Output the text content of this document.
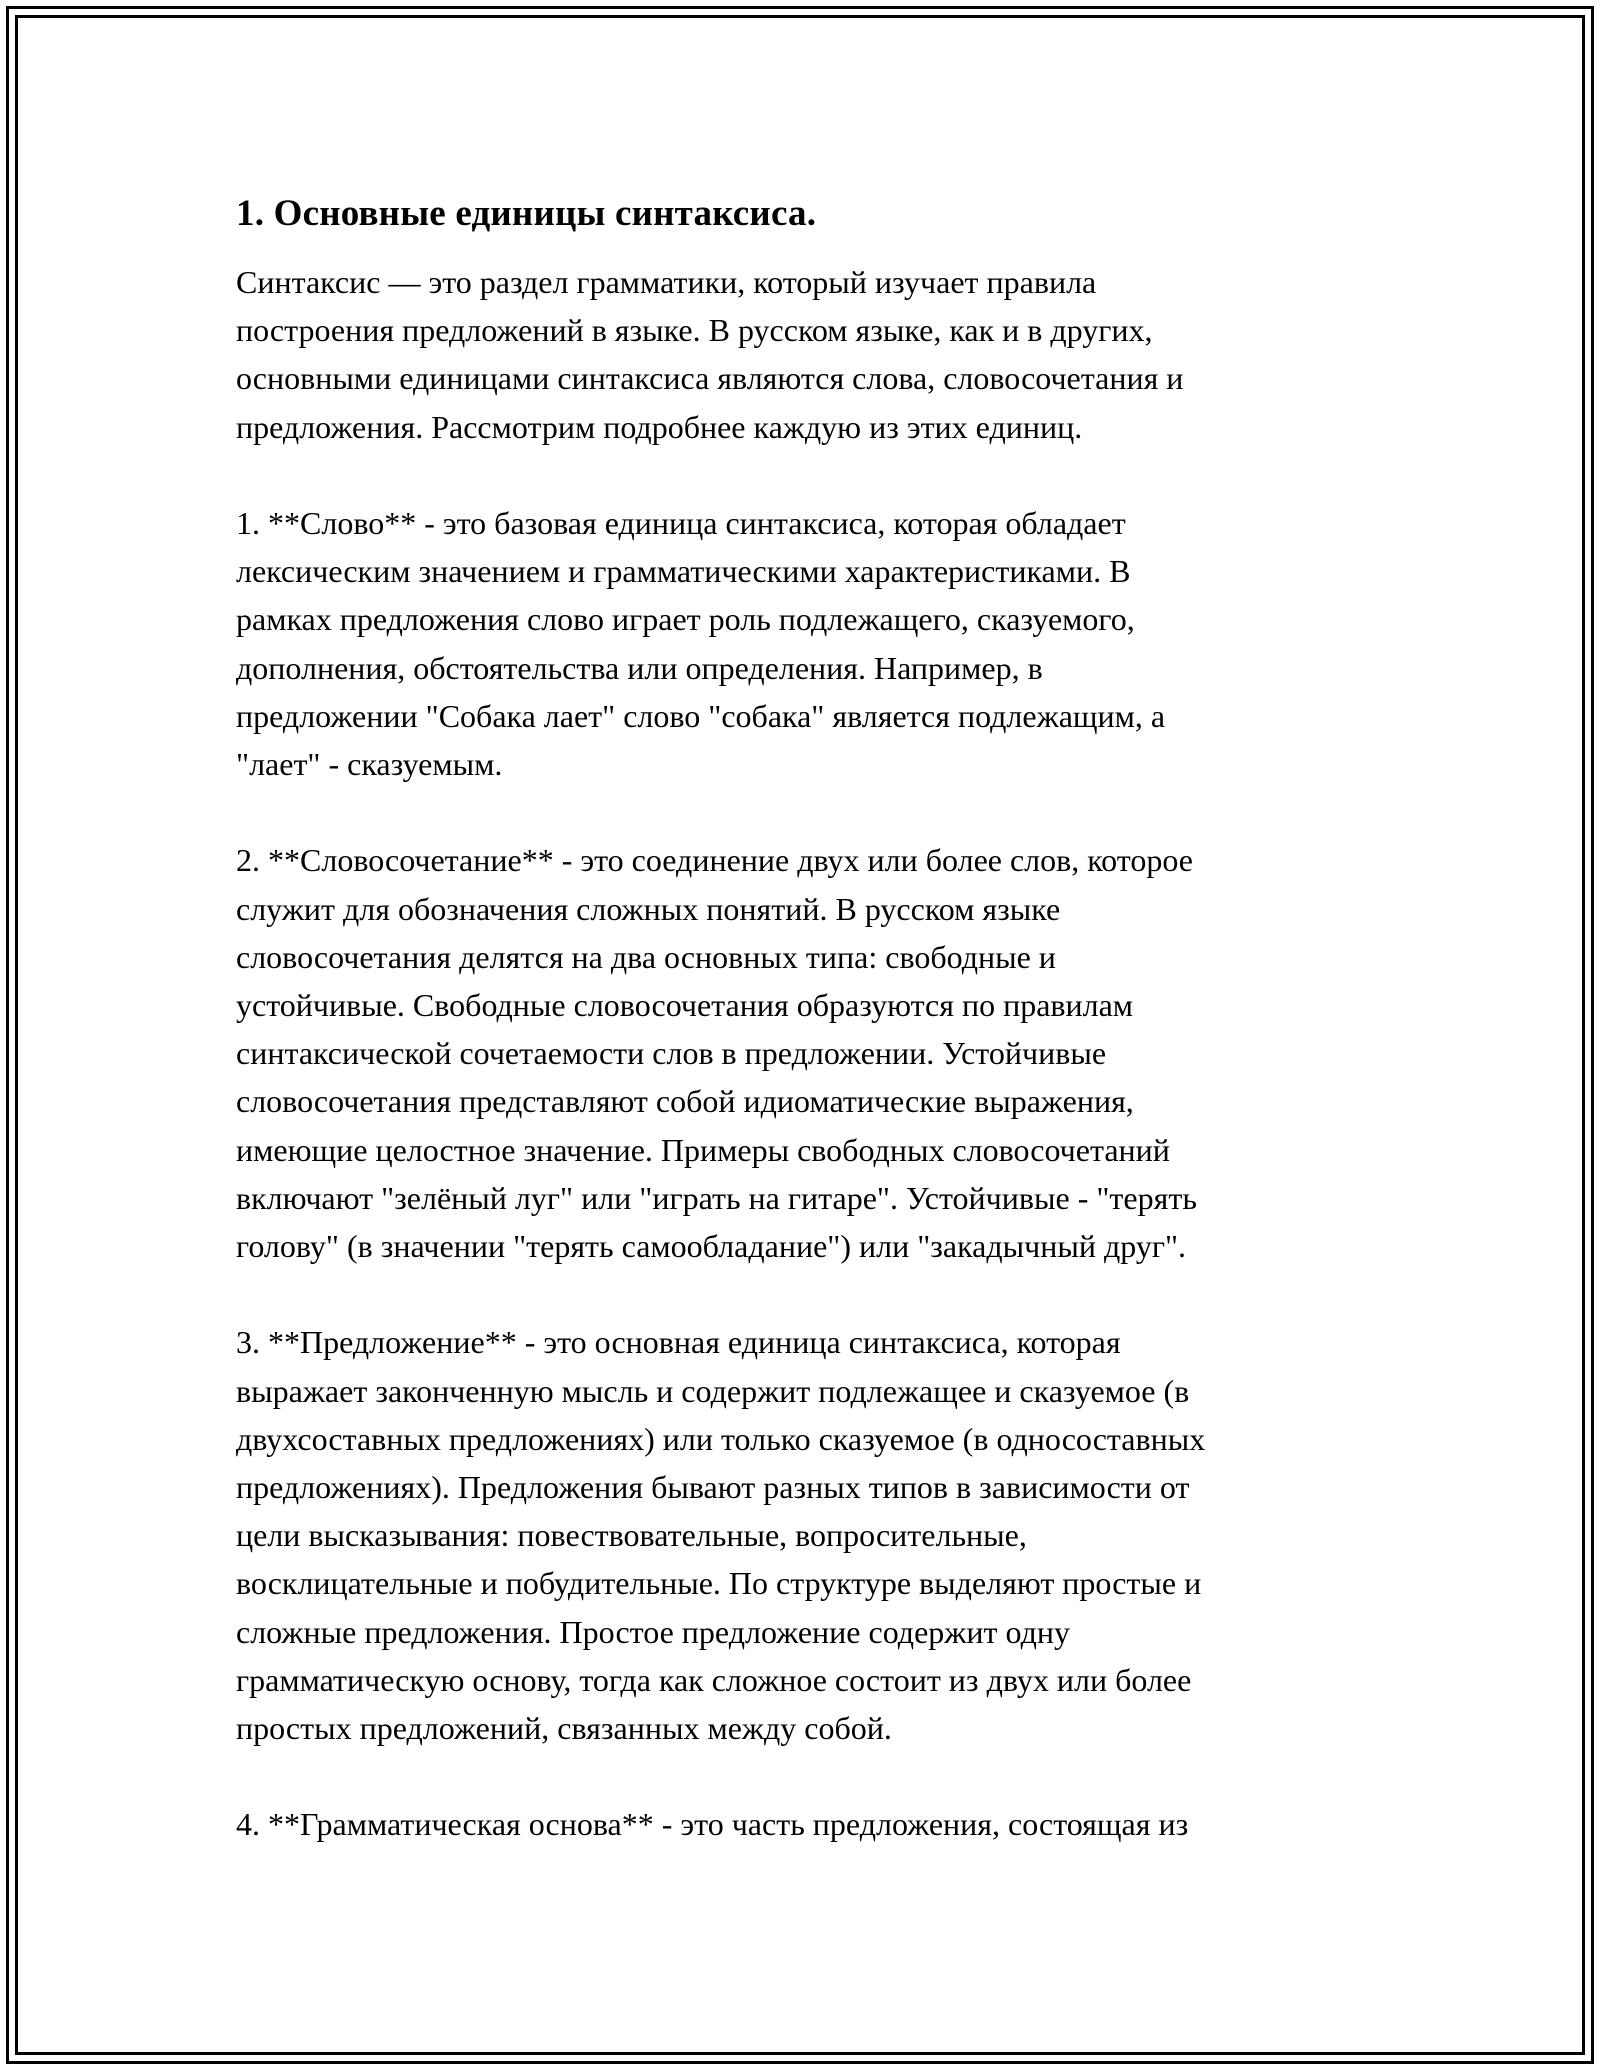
1. Основные единицы синтаксиса.

Синтаксис — это раздел грамматики, который изучает правила
построения предложений в языке. В русском языке, как и в других,
основными единицами синтаксиса являются слова, словосочетания и
предложения. Рассмотрим подробнее каждую из этих единиц.

1. **Слово** - это базовая единица синтаксиса, которая обладает
лексическим значением и грамматическими характеристиками. В
рамках предложения слово играет роль подлежащего, сказуемого,
дополнения, обстоятельства или определения. Например, в
предложении "Собака лает" слово "собака" является подлежащим, а
"лает" - сказуемым.

2. **Словосочетание** - это соединение двух или более слов, которое
служит для обозначения сложных понятий. В русском языке
словосочетания делятся на два основных типа: свободные и
устойчивые. Свободные словосочетания образуются по правилам
синтаксической сочетаемости слов в предложении. Устойчивые
словосочетания представляют собой идиоматические выражения,
имеющие целостное значение. Примеры свободных словосочетаний
включают "зелёный луг" или "играть на гитаре". Устойчивые - "терять
голову" (в значении "терять самообладание") или "закадычный друг".

3. **Предложение** - это основная единица синтаксиса, которая
выражает законченную мысль и содержит подлежащее и сказуемое (в
двухсоставных предложениях) или только сказуемое (в односоставных
предложениях). Предложения бывают разных типов в зависимости от
цели высказывания: повествовательные, вопросительные,
восклицательные и побудительные. По структуре выделяют простые и
сложные предложения. Простое предложение содержит одну
грамматическую основу, тогда как сложное состоит из двух или более
простых предложений, связанных между собой.

4. **Грамматическая основа** - это часть предложения, состоящая из
